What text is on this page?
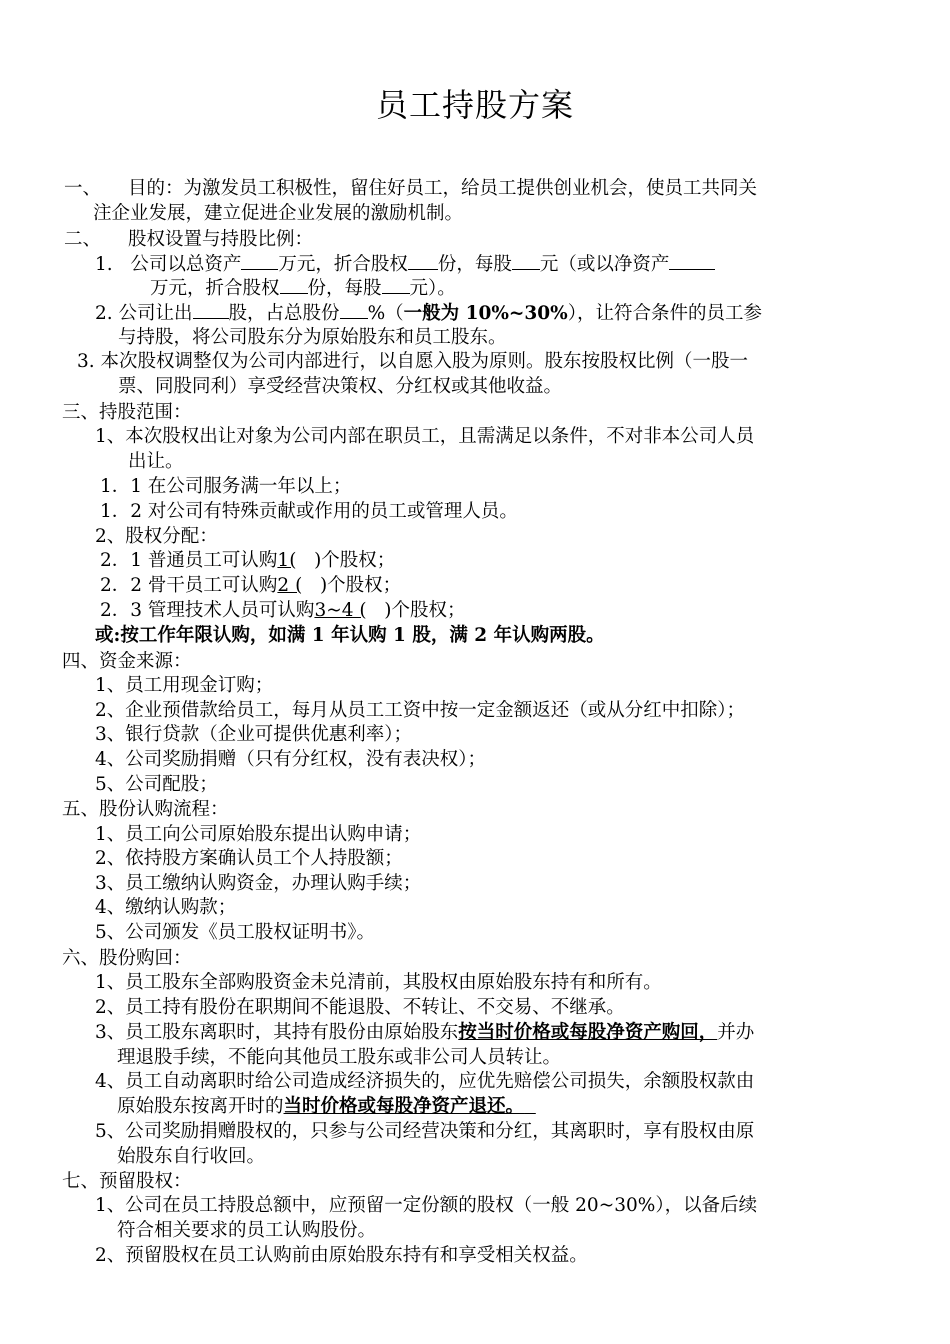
员工持股方案
一、 目的：为激发员工积极性，留住好员工，给员工提供创业机会，使员工共同关
注企业发展，建立促进企业发展的激励机制。
二、 股权设置与持股比例：
1. 公司以总资产 万元，折合股权 份，每股 元（或以净资产
万元，折合股权 份，每股 元）。
2. 公司让出 股，占总股份 %（一般为 10%~30%），让符合条件的员工参
与持股，将公司股东分为原始股东和员工股东。
3. 本次股权调整仅为公司内部进行，以自愿入股为原则。股东按股权比例（一股一
票、同股同利）享受经营决策权、分红权或其他收益。
三、持股范围：
1、本次股权出让对象为公司内部在职员工，且需满足以条件，不对非本公司人员
出让。
1．1 在公司服务满一年以上；
1．2 对公司有特殊贡献或作用的员工或管理人员。
2、股权分配：
2．1 普通员工可认购1( )个股权；
2．2 骨干员工可认购2 ( )个股权；
2．3 管理技术人员可认购3~4 ( )个股权；
或:按工作年限认购，如满 1 年认购 1 股，满 2 年认购两股。
四、资金来源：
1、员工用现金订购；
2、企业预借款给员工，每月从员工工资中按一定金额返还（或从分红中扣除）；
3、银行贷款（企业可提供优惠利率）；
4、公司奖励捐赠（只有分红权，没有表决权）；
5、公司配股；
五、股份认购流程：
1、员工向公司原始股东提出认购申请；
2、依持股方案确认员工个人持股额；
3、员工缴纳认购资金，办理认购手续；
4、缴纳认购款；
5、公司颁发《员工股权证明书》。
六、股份购回：
1、员工股东全部购股资金未兑清前，其股权由原始股东持有和所有。
2、员工持有股份在职期间不能退股、不转让、不交易、不继承。
3、员工股东离职时，其持有股份由原始股东按当时价格或每股净资产购回，并办
理退股手续，不能向其他员工股东或非公司人员转让。
4、员工自动离职时给公司造成经济损失的，应优先赔偿公司损失，余额股权款由
原始股东按离开时的当时价格或每股净资产退还。
5、公司奖励捐赠股权的，只参与公司经营决策和分红，其离职时，享有股权由原
始股东自行收回。
七、预留股权：
1、公司在员工持股总额中，应预留一定份额的股权（一般 20~30%），以备后续
符合相关要求的员工认购股份。
2、预留股权在员工认购前由原始股东持有和享受相关权益。
